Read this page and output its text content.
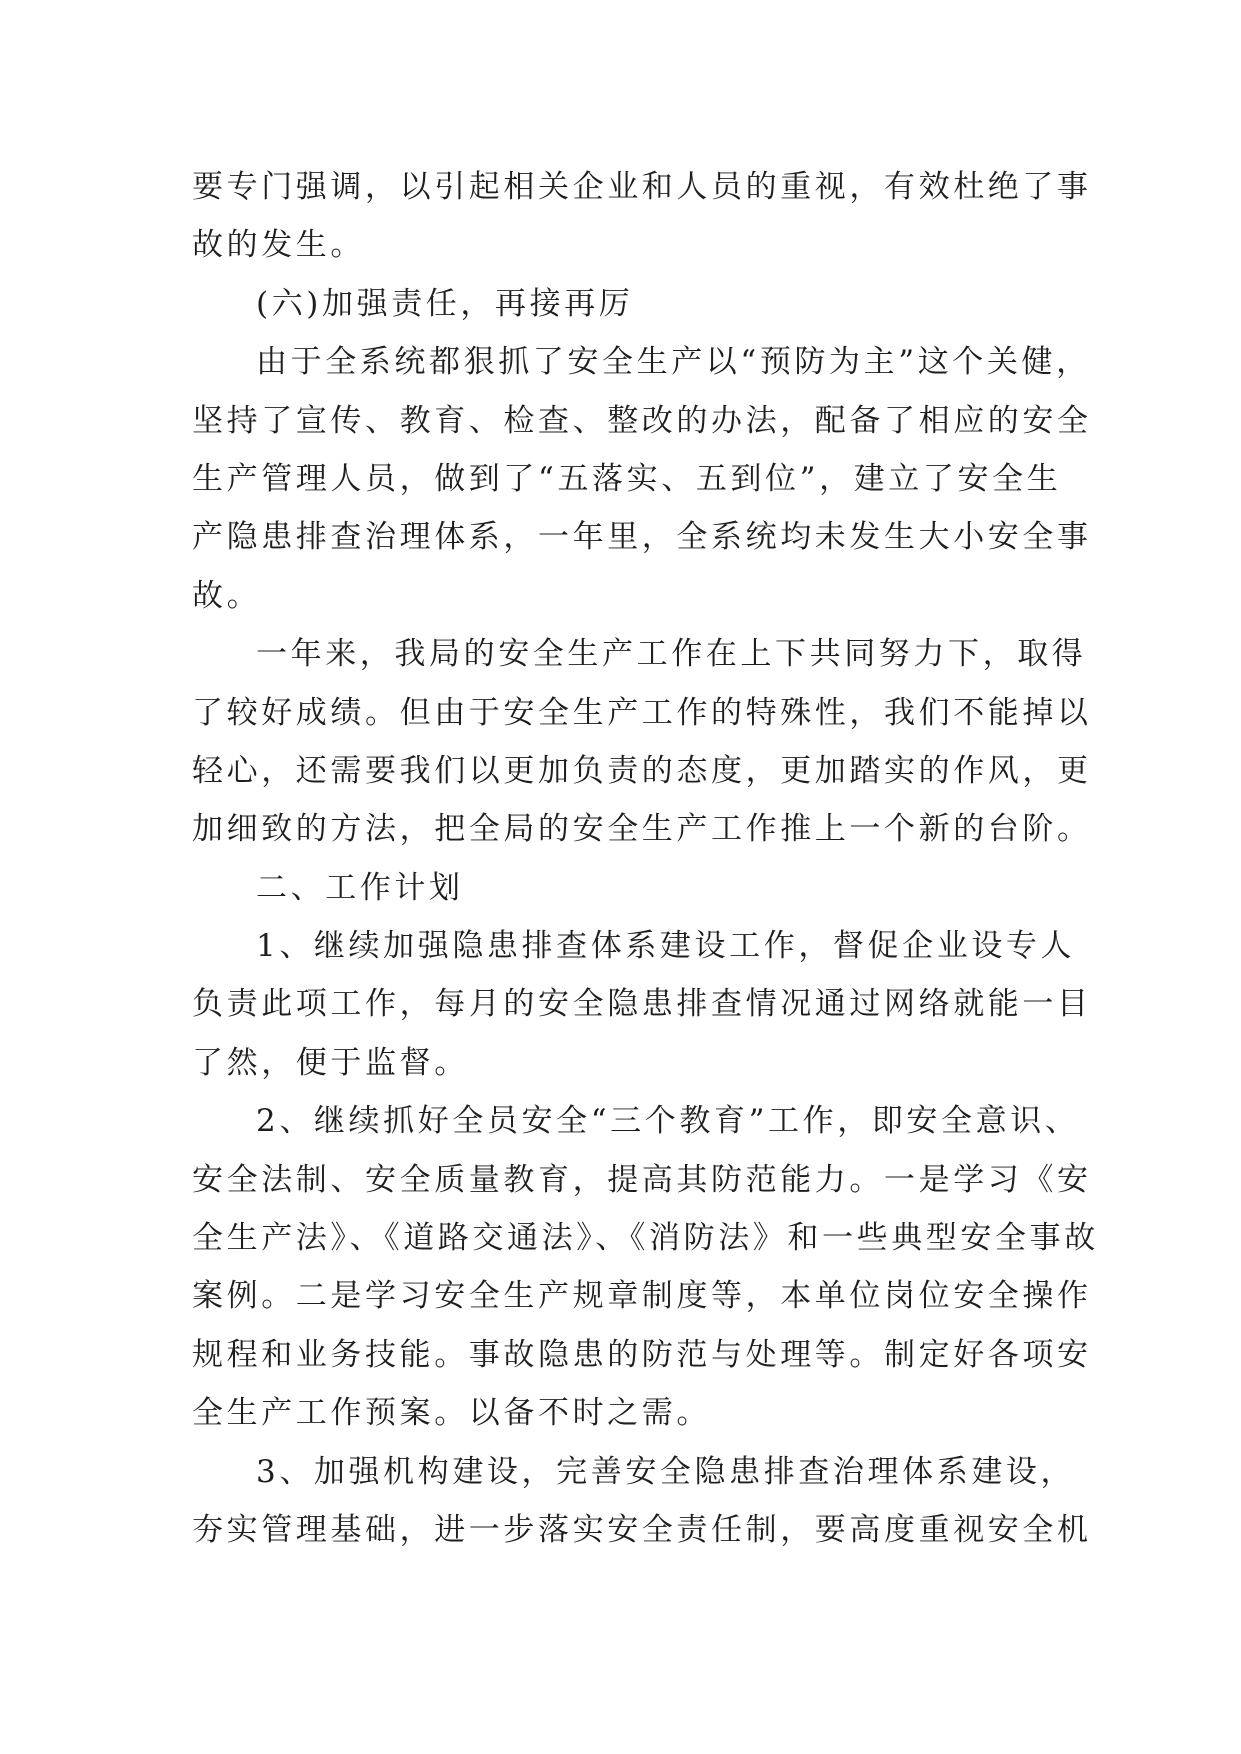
要专门强调，以引起相关企业和人员的重视，有效杜绝了事
故的发生。
(六)加强责任，再接再厉
由于全系统都狠抓了安全生产以“预防为主”这个关健，
坚持了宣传、教育、检查、整改的办法，配备了相应的安全
生产管理人员，做到了“五落实、五到位”，建立了安全生
产隐患排查治理体系，一年里，全系统均未发生大小安全事
故。
一年来，我局的安全生产工作在上下共同努力下，取得
了较好成绩。但由于安全生产工作的特殊性，我们不能掉以
轻心，还需要我们以更加负责的态度，更加踏实的作风，更
加细致的方法，把全局的安全生产工作推上一个新的台阶。
二、工作计划
1、继续加强隐患排查体系建设工作，督促企业设专人
负责此项工作，每月的安全隐患排查情况通过网络就能一目
了然，便于监督。
2、继续抓好全员安全“三个教育”工作，即安全意识、
安全法制、安全质量教育，提高其防范能力。一是学习《安
全生产法》、《道路交通法》、《消防法》和一些典型安全事故
案例。二是学习安全生产规章制度等，本单位岗位安全操作
规程和业务技能。事故隐患的防范与处理等。制定好各项安
全生产工作预案。以备不时之需。
3、加强机构建设，完善安全隐患排查治理体系建设，
夯实管理基础，进一步落实安全责任制，要高度重视安全机
